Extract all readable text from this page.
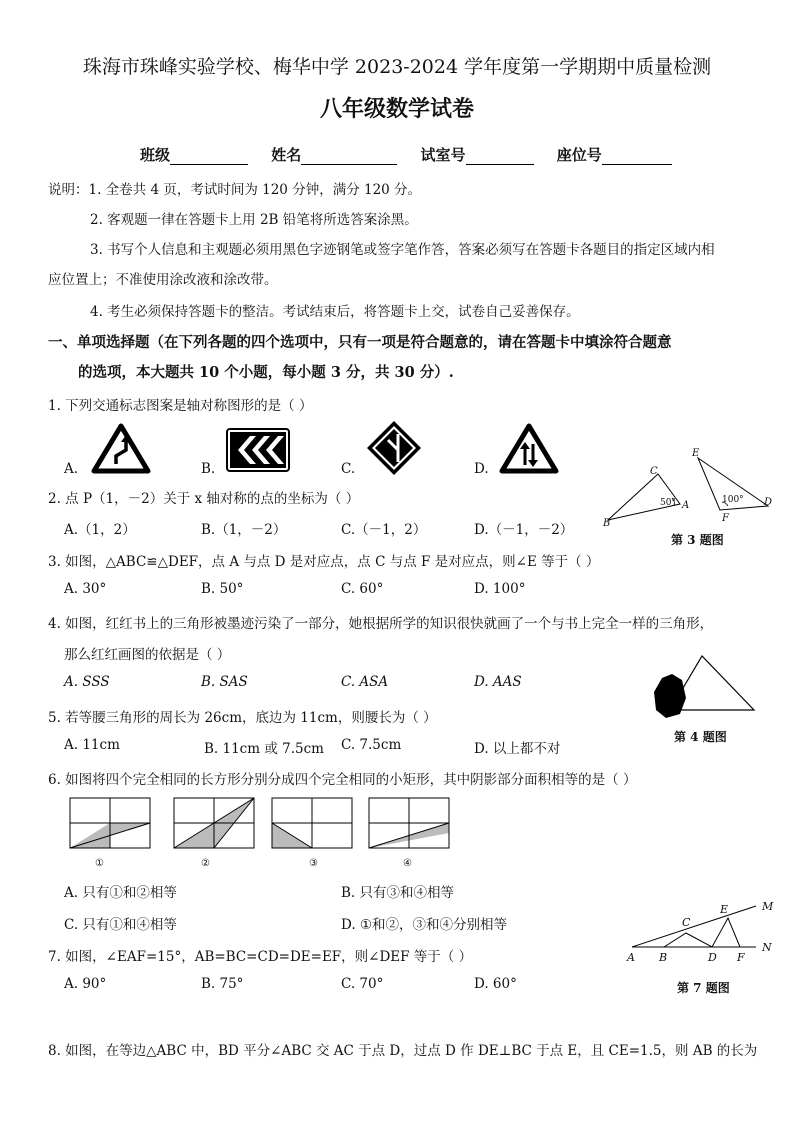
珠海市珠峰实验学校、梅华中学 2023-2024 学年度第一学期期中质量检测
八年级数学试卷
班级	姓名	试室号	座位号
说明：1. 全卷共 4 页，考试时间为 120 分钟，满分 120 分。
2. 客观题一律在答题卡上用 2B 铅笔将所选答案涂黑。
3. 书写个人信息和主观题必须用黑色字迹钢笔或签字笔作答，答案必须写在答题卡各题目的指定区域内相
应位置上；不准使用涂改液和涂改带。
4. 考生必须保持答题卡的整洁。考试结束后，将答题卡上交，试卷自己妥善保存。
一、单项选择题（在下列各题的四个选项中，只有一项是符合题意的，请在答题卡中填涂符合题意
的选项，本大题共 10 个小题，每小题 3 分，共 30 分）.
1. 下列交通标志图案是轴对称图形的是（ ）
A.	B.	C.	D.	C
A
B
50°
E
D
F
100°
第 3 题图
2. 点 P（1，－2）关于 x 轴对称的点的坐标为（ ）
A.（1，2）	B.（1，－2）	C.（－1，2）	D.（－1，－2）
3. 如图，△ABC≌△DEF，点 A 与点 D 是对应点，点 C 与点 F 是对应点，则∠E 等于（ ）
A. 30°	B. 50°	C. 60°	D. 100°
4. 如图，红红书上的三角形被墨迹污染了一部分，她根据所学的知识很快就画了一个与书上完全一样的三角形，
那么红红画图的依据是（ ）
A. SSS	B. SAS	C. ASA	D. AAS
第 4 题图
5. 若等腰三角形的周长为 26cm，底边为 11cm，则腰长为（ ）
A. 11cm	B. 11cm 或 7.5cm C. 7.5cm	D. 以上都不对
6. 如图将四个完全相同的长方形分别分成四个完全相同的小矩形，其中阴影部分面积相等的是（ ）
①	②	③	④
A. 只有①和②相等	B. 只有③和④相等
C. 只有①和④相等	D. ①和②，③和④分别相等
7. 如图，∠EAF=15°，AB=BC=CD=DE=EF，则∠DEF 等于（ ）
A. 90°	B. 75°	C. 70°	D. 60°
M
N
A B
C
D
E
F
第 7 题图
8. 如图，在等边△ABC 中，BD 平分∠ABC 交 AC 于点 D，过点 D 作 DE⊥BC 于点 E，且 CE=1.5，则 AB 的长为
